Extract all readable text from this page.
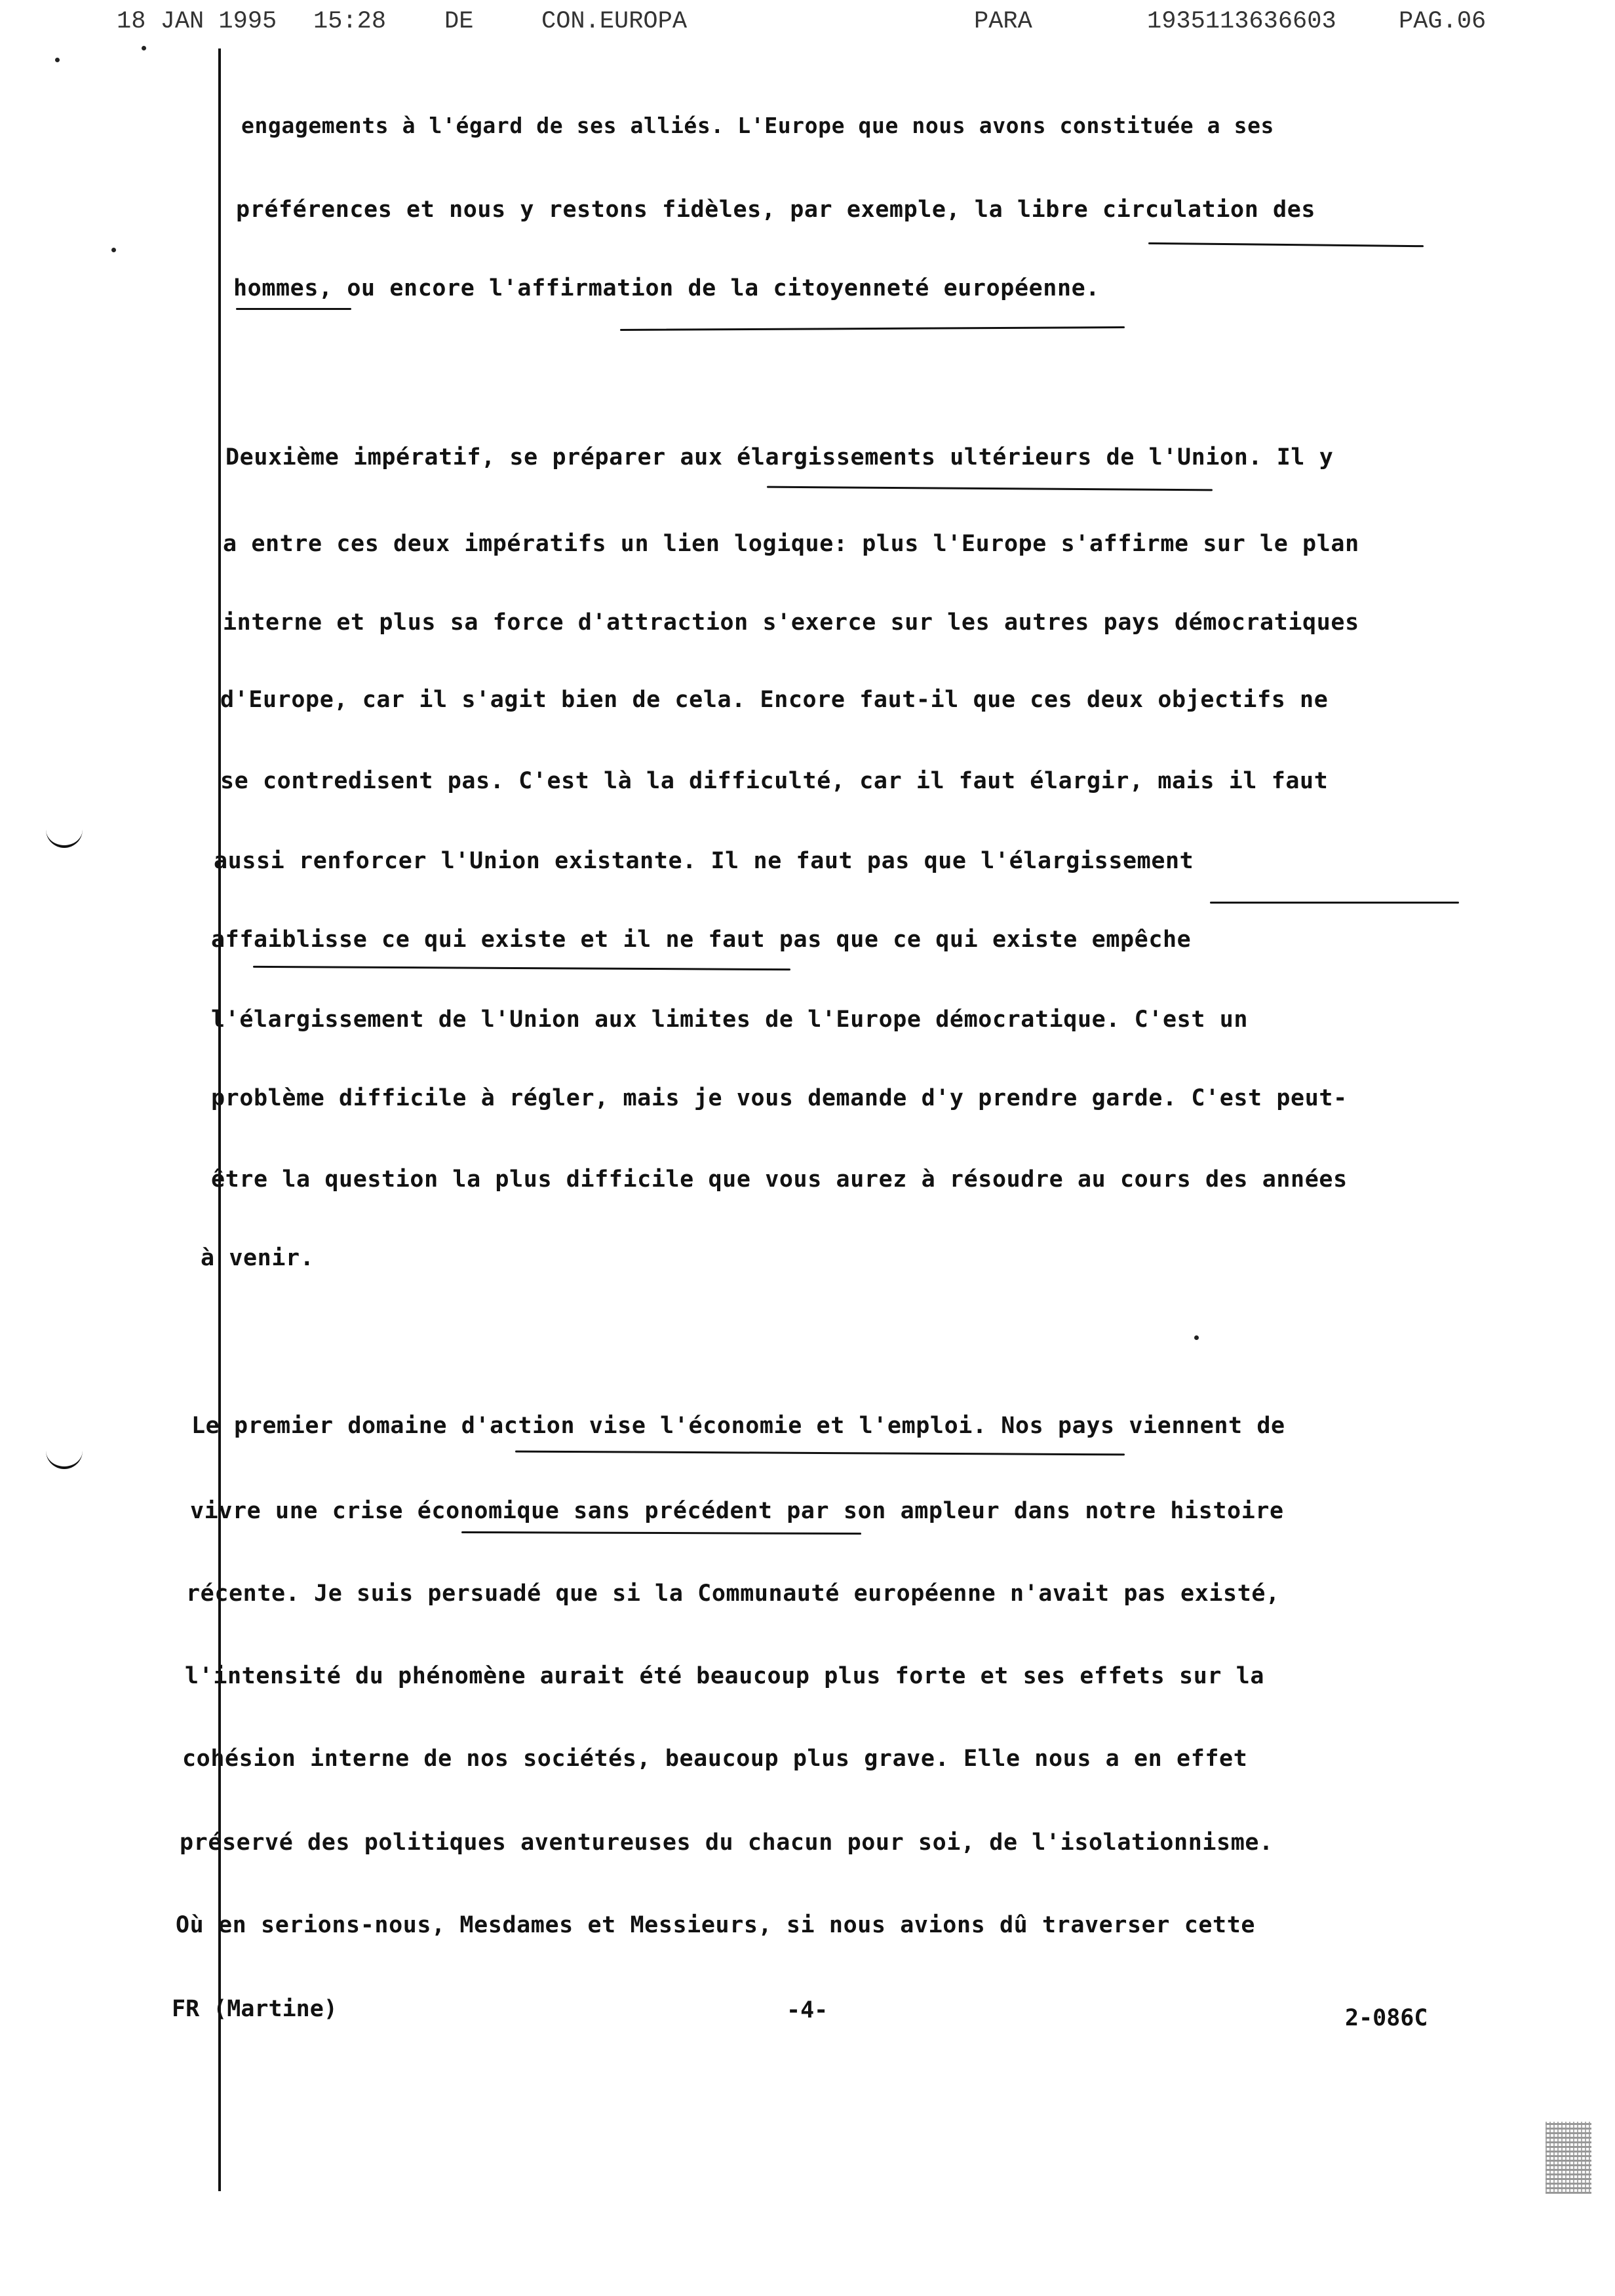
18 JAN 1995 15:28 DE	CON.EUROPA	PARA	1935113636603	PAG.06
engagements à l'égard de ses alliés. L'Europe que nous avons constituée a ses
préférences et nous y restons fidèles, par exemple, la libre circulation des
hommes, ou encore l'affirmation de la citoyenneté européenne.
Deuxième impératif, se préparer aux élargissements ultérieurs de l'Union. Il y
a entre ces deux impératifs un lien logique: plus l'Europe s'affirme sur le plan
interne et plus sa force d'attraction s'exerce sur les autres pays démocratiques
d'Europe, car il s'agit bien de cela. Encore faut-il que ces deux objectifs ne
se contredisent pas. C'est là la difficulté, car il faut élargir, mais il faut
aussi renforcer l'Union existante. Il ne faut pas que l'élargissement
affaiblisse ce qui existe et il ne faut pas que ce qui existe empêche
l'élargissement de l'Union aux limites de l'Europe démocratique. C'est un
problème difficile à régler, mais je vous demande d'y prendre garde. C'est peut-
être la question la plus difficile que vous aurez à résoudre au cours des années
à venir.
Le premier domaine d'action vise l'économie et l'emploi. Nos pays viennent de
vivre une crise économique sans précédent par son ampleur dans notre histoire
récente. Je suis persuadé que si la Communauté européenne n'avait pas existé,
l'intensité du phénomène aurait été beaucoup plus forte et ses effets sur la
cohésion interne de nos sociétés, beaucoup plus grave. Elle nous a en effet
préservé des politiques aventureuses du chacun pour soi, de l'isolationnisme.
Où en serions-nous, Mesdames et Messieurs, si nous avions dû traverser cette
FR (Martine)	-4-	2-086C
